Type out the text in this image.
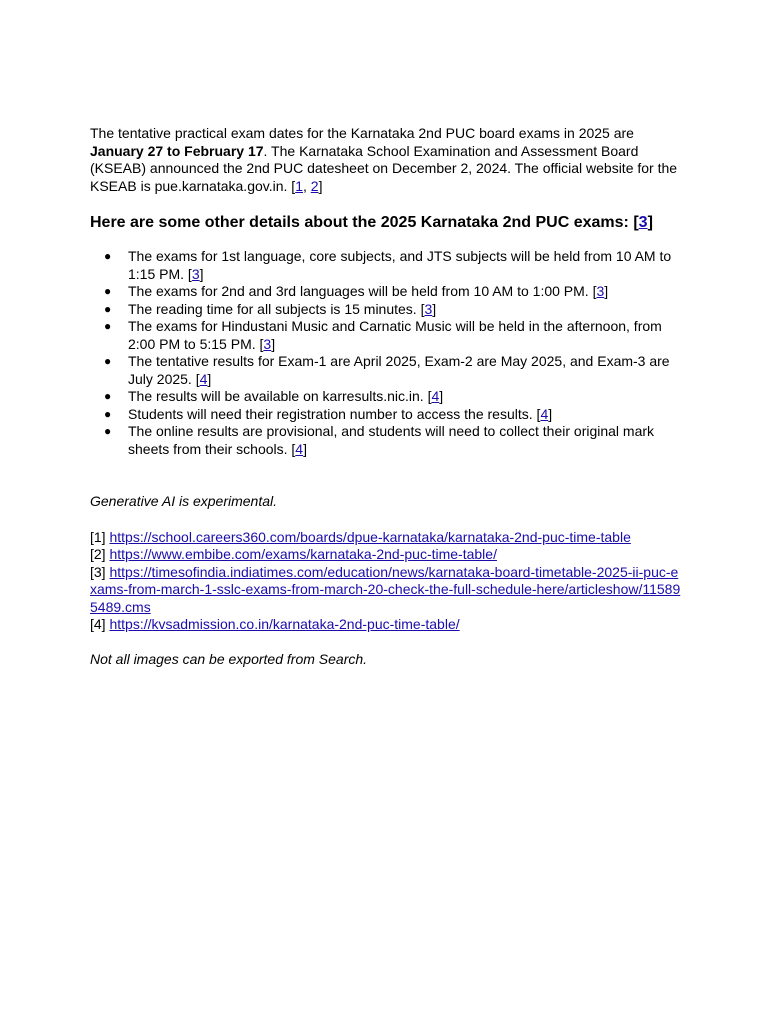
The tentative practical exam dates for the Karnataka 2nd PUC board exams in 2025 are January 27 to February 17. The Karnataka School Examination and Assessment Board (KSEAB) announced the 2nd PUC datesheet on December 2, 2024. The official website for the KSEAB is pue.karnataka.gov.in. [1, 2]

Here are some other details about the 2025 Karnataka 2nd PUC exams: [3]
● The exams for 1st language, core subjects, and JTS subjects will be held from 10 AM to 1:15 PM. [3]
● The exams for 2nd and 3rd languages will be held from 10 AM to 1:00 PM. [3]
● The reading time for all subjects is 15 minutes. [3]
● The exams for Hindustani Music and Carnatic Music will be held in the afternoon, from 2:00 PM to 5:15 PM. [3]
● The tentative results for Exam-1 are April 2025, Exam-2 are May 2025, and Exam-3 are July 2025. [4]
● The results will be available on karresults.nic.in. [4]
● Students will need their registration number to access the results. [4]
● The online results are provisional, and students will need to collect their original mark sheets from their schools. [4]

Generative AI is experimental.

[1] https://school.careers360.com/boards/dpue-karnataka/karnataka-2nd-puc-time-table

[2] https://www.embibe.com/exams/karnataka-2nd-puc-time-table/

[3] https://timesofindia.indiatimes.com/education/news/karnataka-board-timetable-2025-ii-puc-exams-from-march-1-sslc-exams-from-march-20-check-the-full-schedule-here/articleshow/115895489.cms

[4] https://kvsadmission.co.in/karnataka-2nd-puc-time-table/

Not all images can be exported from Search.
